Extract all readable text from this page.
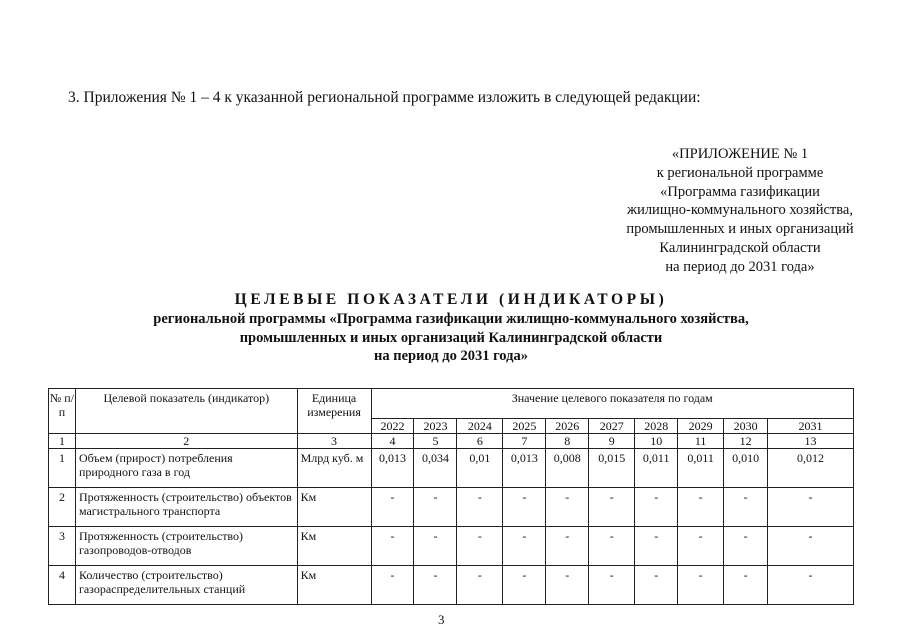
3. Приложения № 1 – 4 к указанной региональной программе изложить в следующей редакции:
«ПРИЛОЖЕНИЕ № 1
к региональной программе
«Программа газификации
жилищно-коммунального хозяйства,
промышленных и иных организаций
Калининградской области
на период до 2031 года»
ЦЕЛЕВЫЕ ПОКАЗАТЕЛИ (ИНДИКАТОРЫ)
региональной программы «Программа газификации жилищно-коммунального хозяйства,
промышленных и иных организаций Калининградской области
на период до 2031 года»
№ п/п	Целевой показатель (индикатор)	Единица измерения	Значение целевого показателя по годам									
			2022	2023	2024	2025	2026	2027	2028	2029	2030	2031
1	2	3	4	5	6	7	8	9	10	11	12	13
1	Объем (прирост) потребления природного газа в год	Млрд куб. м	0,013	0,034	0,01	0,013	0,008	0,015	0,011	0,011	0,010	0,012
2	Протяженность (строительство) объектов магистрального транспорта	Км	-	-	-	-	-	-	-	-	-	-
3	Протяженность (строительство) газопроводов-отводов	Км	-	-	-	-	-	-	-	-	-	-
4	Количество (строительство) газораспределительных станций	Км	-	-	-	-	-	-	-	-	-	-
3
